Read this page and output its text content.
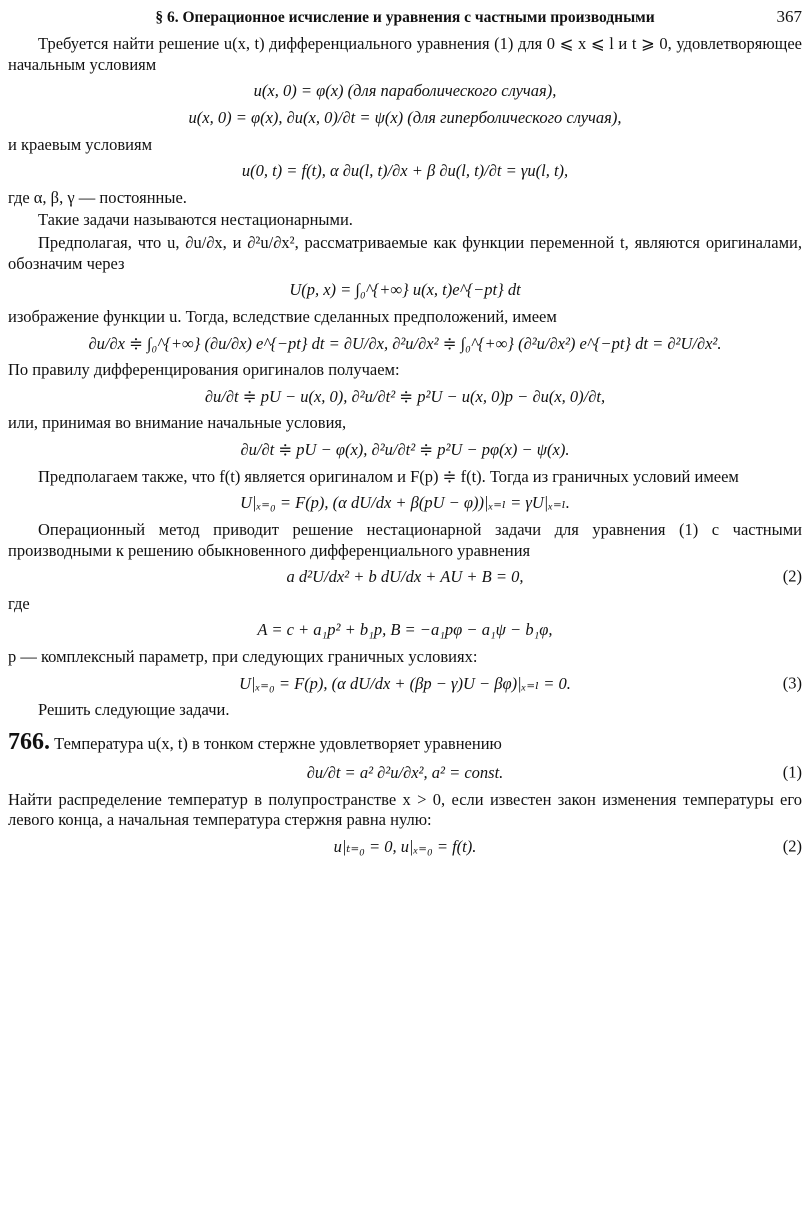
§ 6. Операционное исчисление и уравнения с частными производными	367

Требуется найти решение u(x, t) дифференциального уравнения (1) для 0 ⩽ x ⩽ l и t ⩾ 0, удовлетворяющее начальным условиям

u(x, 0) = φ(x) (для параболического случая),
u(x, 0) = φ(x), ∂u(x, 0)/∂t = ψ(x) (для гиперболического случая),

и краевым условиям

u(0, t) = f(t), α ∂u(l, t)/∂x + β ∂u(l, t)/∂t = γu(l, t),

где α, β, γ — постоянные.

Такие задачи называются нестационарными.

Предполагая, что u, ∂u/∂x, и ∂²u/∂x², рассматриваемые как функции переменной t, являются оригиналами, обозначим через

U(p, x) = ∫₀^{+∞} u(x, t)e^{−pt} dt

изображение функции u. Тогда, вследствие сделанных предположений, имеем

∂u/∂x ≑ ∫₀^{+∞} (∂u/∂x) e^{−pt} dt = ∂U/∂x, ∂²u/∂x² ≑ ∫₀^{+∞} (∂²u/∂x²) e^{−pt} dt = ∂²U/∂x².

По правилу дифференцирования оригиналов получаем:

∂u/∂t ≑ pU − u(x, 0), ∂²u/∂t² ≑ p²U − u(x, 0)p − ∂u(x, 0)/∂t,

или, принимая во внимание начальные условия,

∂u/∂t ≑ pU − φ(x), ∂²u/∂t² ≑ p²U − pφ(x) − ψ(x).

Предполагаем также, что f(t) является оригиналом и F(p) ≑ f(t). Тогда из граничных условий имеем

U|ₓ₌₀ = F(p), (α dU/dx + β(pU − φ))|ₓ₌ₗ = γU|ₓ₌ₗ.

Операционный метод приводит решение нестационарной задачи для уравнения (1) с частными производными к решению обыкновенного дифференциального уравнения

a d²U/dx² + b dU/dx + AU + B = 0,	(2)

где

A = c + a₁p² + b₁p, B = −a₁pφ − a₁ψ − b₁φ,

p — комплексный параметр, при следующих граничных условиях:

U|ₓ₌₀ = F(p), (α dU/dx + (βp − γ)U − βφ)|ₓ₌ₗ = 0.	(3)

Решить следующие задачи.

766. Температура u(x, t) в тонком стержне удовлетворяет уравнению

∂u/∂t = a² ∂²u/∂x², a² = const.	(1)

Найти распределение температур в полупространстве x > 0, если известен закон изменения температуры его левого конца, а начальная температура стержня равна нулю:

u|ₜ₌₀ = 0, u|ₓ₌₀ = f(t).	(2)
